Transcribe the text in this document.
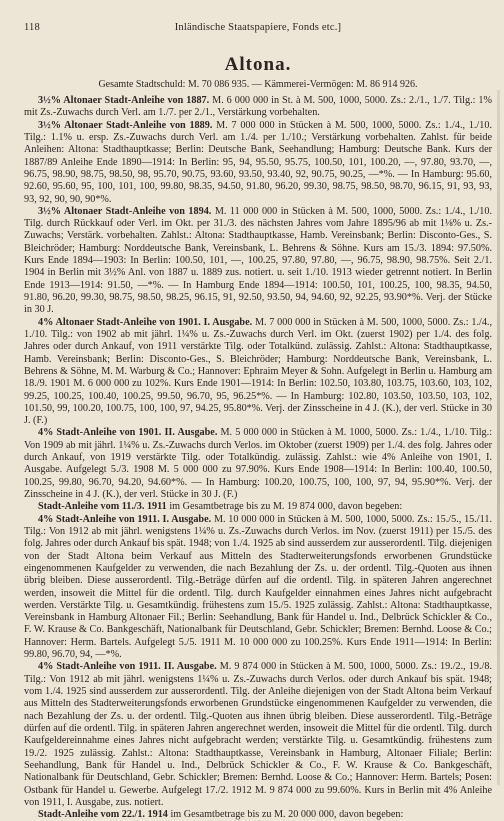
118	Inländische Staatspapiere, Fonds etc.]
Altona.
Gesamte Stadtschuld: M. 70 086 935. — Kämmerei-Vermögen: M. 86 914 926.

3½% Altonaer Stadt-Anleihe von 1887. M. 6 000 000 in St. à M. 500, 1000, 5000. Zs.: 2./1., 1./7. Tilg.: 1% mit Zs.-Zuwachs durch Verl. am 1./7. per 2./1., Verstärkung vorbehalten.

3½% Altonaer Stadt-Anleihe von 1889. M. 7 000 000 in Stücken à M. 500, 1000, 5000. Zs.: 1./4., 1./10. Tilg.: 1.1% u. ersp. Zs.-Zuwachs durch Verl. am 1./4. per 1./10.; Verstärkung vorbehalten. Zahlst. für beide Anleihen: Altona: Stadthauptkasse; Berlin: Deutsche Bank, Seehandlung; Hamburg: Deutsche Bank. Kurs der 1887/89 Anleihe Ende 1890—1914: In Berlin: 95, 94, 95.50, 95.75, 100.50, 101, 100.20, —, 97.80, 93.70, —, 96.75, 98.90, 98.75, 98.50, 98, 95.70, 90.75, 93.60, 93.50, 93.40, 92, 90.75, 90.25, —*%. — In Hamburg: 95.60, 92.60, 95.60, 95, 100, 101, 100, 99.80, 98.35, 94.50, 91.80, 96.20, 99.30, 98.75, 98.50, 98.70, 96.15, 91, 93, 93, 93, 92, 90, 90, 90*%.

3½% Altonaer Stadt-Anleihe von 1894. M. 11 000 000 in Stücken à M. 500, 1000, 5000. Zs.: 1./4., 1./10. Tilg. durch Rückkauf oder Verl. im Okt. per 31./3. des nächsten Jahres vom Jahre 1895/96 ab mit 1⅛% u. Zs.-Zuwachs; Verstärk. vorbehalten. Zahlst.: Altona: Stadthauptkasse, Hamb. Vereinsbank; Berlin: Disconto-Ges., S. Bleichröder; Hamburg: Norddeutsche Bank, Vereinsbank, L. Behrens & Söhne. Kurs am 15./3. 1894: 97.50%. Kurs Ende 1894—1903: In Berlin: 100.50, 101, —, 100.25, 97.80, 97.80, —, 96.75, 98.90, 98.75%. Seit 2./1. 1904 in Berlin mit 3½% Anl. von 1887 u. 1889 zus. notiert. u. seit 1./10. 1913 wieder getrennt notiert. In Berlin Ende 1913—1914: 91.50, —*%. — In Hamburg Ende 1894—1914: 100.50, 101, 100.25, 100, 98.35, 94.50, 91.80, 96.20, 99.30, 98.75, 98.50, 98.25, 96.15, 91, 92.50, 93.50, 94, 94.60, 92, 92.25, 93.90*%. Verj. der Stücke in 30 J.

4% Altonaer Stadt-Anleihe von 1901. I. Ausgabe. M. 7 000 000 in Stücken à M. 500, 1000, 5000. Zs.: 1./4., 1./10. Tilg.: von 1902 ab mit jährl. 1¼% u. Zs.-Zuwachs durch Verl. im Okt. (zuerst 1902) per 1./4. des folg. Jahres oder durch Ankauf, von 1911 verstärkte Tilg. oder Totalkünd. zulässig. Zahlst.: Altona: Stadthauptkasse, Hamb. Vereinsbank; Berlin: Disconto-Ges., S. Bleichröder; Hamburg: Norddeutsche Bank, Vereinsbank, L. Behrens & Söhne, M. M. Warburg & Co.; Hannover: Ephraim Meyer & Sohn. Aufgelegt in Berlin u. Hamburg am 18./9. 1901 M. 6 000 000 zu 102%. Kurs Ende 1901—1914: In Berlin: 102.50, 103.80, 103.75, 103.60, 103, 102, 99.25, 100.25, 100.40, 100.25, 99.50, 96.70, 95, 96.25*%. — In Hamburg: 102.80, 103.50, 103.50, 103, 102, 101.50, 99, 100.20, 100.75, 100, 100, 97, 94.25, 95.80*%. Verj. der Zinsscheine in 4 J. (K.), der verl. Stücke in 30 J. (F.)

4% Stadt-Anleihe von 1901. II. Ausgabe. M. 5 000 000 in Stücken à M. 1000, 5000. Zs.: 1./4., 1./10. Tilg.: Von 1909 ab mit jährl. 1¼% u. Zs.-Zuwachs durch Verlos. im Oktober (zuerst 1909) per 1./4. des folg. Jahres oder durch Ankauf, von 1919 verstärkte Tilg. oder Totalkündig. zulässig. Zahlst.: wie 4% Anleihe von 1901, I. Ausgabe. Aufgelegt 5./3. 1908 M. 5 000 000 zu 97.90%. Kurs Ende 1908—1914: In Berlin: 100.40, 100.50, 100.25, 99.80, 96.70, 94.20, 94.60*%. — In Hamburg: 100.20, 100.75, 100, 100, 97, 94, 95.90*%. Verj. der Zinsscheine in 4 J. (K.), der verl. Stücke in 30 J. (F.)

Stadt-Anleihe vom 11./3. 1911 im Gesamtbetrage bis zu M. 19 874 000, davon begeben:

4% Stadt-Anleihe von 1911. I. Ausgabe. M. 10 000 000 in Stücken à M. 500, 1000, 5000. Zs.: 15./5., 15./11. Tilg.: Von 1912 ab mit jährl. wenigstens 1¼% u. Zs.-Zuwachs durch Verlos. im Nov. (zuerst 1911) per 15./5. des folg. Jahres oder durch Ankauf bis spät. 1948; von 1./4. 1925 ab sind ausserdem zur ausserordentl. Tilg. diejenigen von der Stadt Altona beim Verkauf aus Mitteln des Stadterweiterungsfonds erworbenen Grundstücke eingenommenen Kaufgelder zu verwenden, die nach Bezahlung der Zs. u. der ordentl. Tilg.-Quoten aus ihnen übrig bleiben. Diese ausserordentl. Tilg.-Beträge dürfen auf die ordentl. Tilg. in späteren Jahren angerechnet werden, insoweit die Mittel für die ordentl. Tilg. durch Kaufgelder einnahmen eines Jahres nicht aufgebracht werden. Verstärkte Tilg. u. Gesamtkündig. frühestens zum 15./5. 1925 zulässig. Zahlst.: Altona: Stadthauptkasse, Vereinsbank in Hamburg Altonaer Fil.; Berlin: Seehandlung, Bank für Handel u. Ind., Delbrück Schickler & Co., F. W. Krause & Co. Bankgeschäft, Nationalbank für Deutschland, Gebr. Schickler; Bremen: Bernhd. Loose & Co.; Hannover: Herm. Bartels. Aufgelegt 5./5. 1911 M. 10 000 000 zu 100.25%. Kurs Ende 1911—1914: In Berlin: 99.80, 96.70, 94, —*%.

4% Stadt-Anleihe von 1911. II. Ausgabe. M. 9 874 000 in Stücken à M. 500, 1000, 5000. Zs.: 19./2., 19./8. Tilg.: Von 1912 ab mit jährl. wenigstens 1¼% u. Zs.-Zuwachs durch Verlos. oder durch Ankauf bis spät. 1948; vom 1./4. 1925 sind ausserdem zur ausserordentl. Tilg. der Anleihe diejenigen von der Stadt Altona beim Verkauf aus Mitteln des Stadterweiterungsfonds erworbenen Grundstücke eingenommenen Kaufgelder zu verwenden, die nach Bezahlung der Zs. u. der ordentl. Tilg.-Quoten aus ihnen übrig bleiben. Diese ausserordentl. Tilg.-Beträge dürfen auf die ordentl. Tilg. in späteren Jahren angerechnet werden, insoweit die Mittel für die ordentl. Tilg. durch Kaufgeldereinnahme eines Jahres nicht aufgebracht werden; verstärkte Tilg. u. Gesamtkündig. frühestens zum 19./2. 1925 zulässig. Zahlst.: Altona: Stadthauptkasse, Vereinsbank in Hamburg, Altonaer Filiale; Berlin: Seehandlung, Bank für Handel u. Ind., Delbrück Schickler & Co., F. W. Krause & Co. Bankgeschäft, Nationalbank für Deutschland, Gebr. Schickler; Bremen: Bernhd. Loose & Co.; Hannover: Herm. Bartels; Posen: Ostbank für Handel u. Gewerbe. Aufgelegt 17./2. 1912 M. 9 874 000 zu 99.60%. Kurs in Berlin mit 4% Anleihe von 1911, I. Ausgabe, zus. notiert.

Stadt-Anleihe vom 22./1. 1914 im Gesamtbetrage bis zu M. 20 000 000, davon begeben:
